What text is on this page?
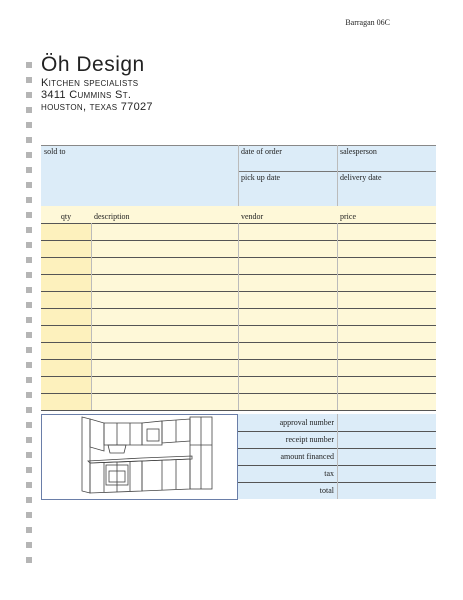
Barragan 06C
Öh Design
Kitchen specialists
3411 Cummins St.
houston, texas 77027
sold to	date of order	salesperson
pick up date	delivery date
qty	description	vendor	price
approval number
receipt number
amount financed
tax
total
